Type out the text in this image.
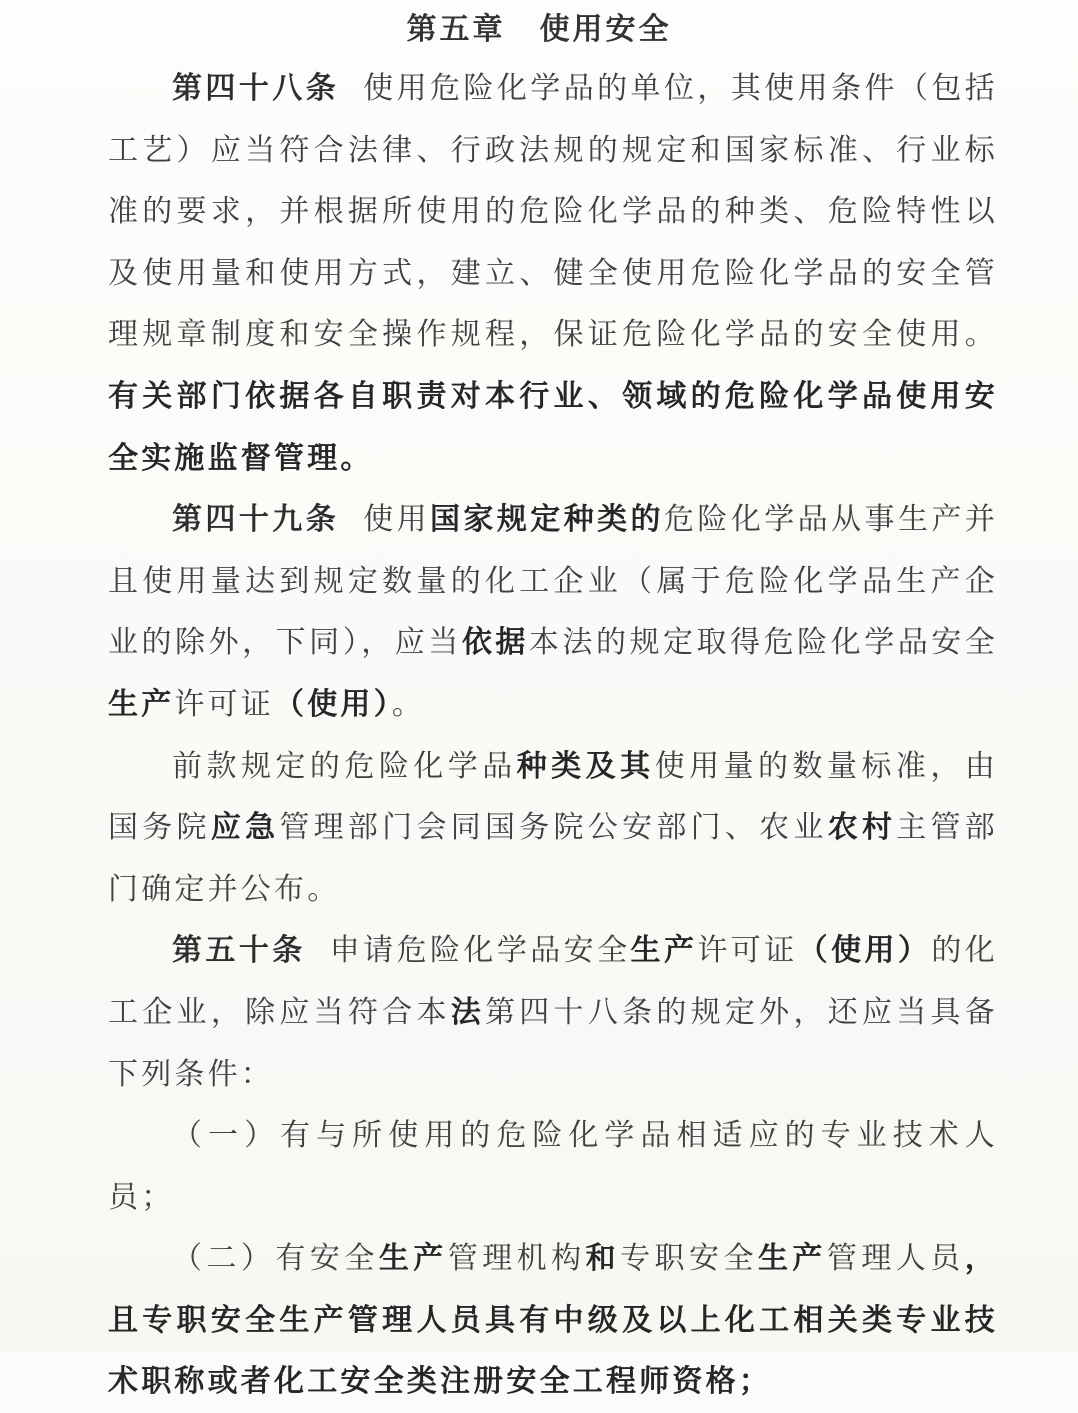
第五章 使用安全

第四十八条 使用危险化学品的单位，其使用条件（包括工艺）应当符合法律、行政法规的规定和国家标准、行业标准的要求，并根据所使用的危险化学品的种类、危险特性以及使用量和使用方式，建立、健全使用危险化学品的安全管理规章制度和安全操作规程，保证危险化学品的安全使用。有关部门依据各自职责对本行业、领域的危险化学品使用安全实施监督管理。

第四十九条 使用国家规定种类的危险化学品从事生产并且使用量达到规定数量的化工企业（属于危险化学品生产企业的除外，下同），应当依据本法的规定取得危险化学品安全生产许可证（使用）。

前款规定的危险化学品种类及其使用量的数量标准，由国务院应急管理部门会同国务院公安部门、农业农村主管部门确定并公布。

第五十条 申请危险化学品安全生产许可证（使用）的化工企业，除应当符合本法第四十八条的规定外，还应当具备下列条件：

（一）有与所使用的危险化学品相适应的专业技术人员；

（二）有安全生产管理机构和专职安全生产管理人员，且专职安全生产管理人员具有中级及以上化工相关类专业技术职称或者化工安全类注册安全工程师资格；
